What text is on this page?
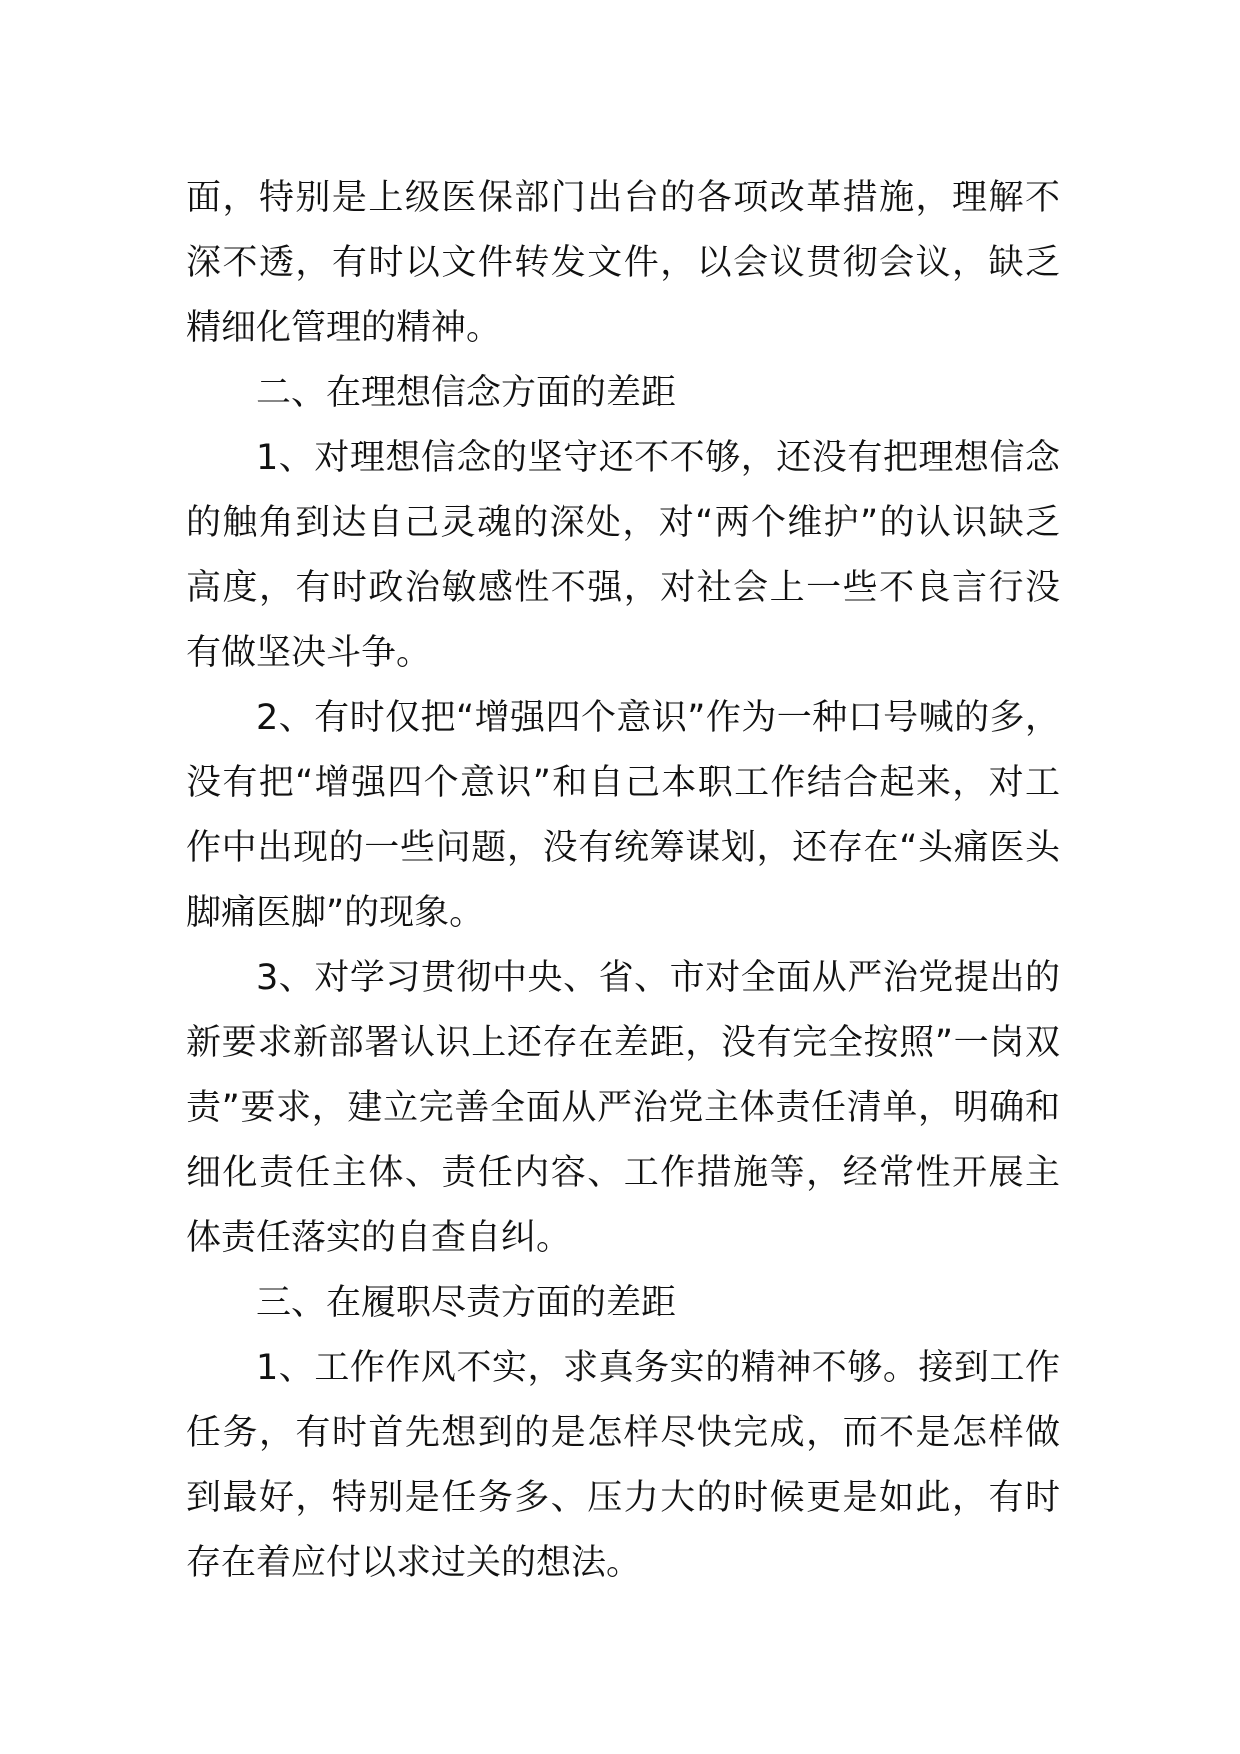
面，特别是上级医保部门出台的各项改革措施，理解不深不透，有时以文件转发文件，以会议贯彻会议，缺乏精细化管理的精神。

二、在理想信念方面的差距

1、对理想信念的坚守还不不够，还没有把理想信念的触角到达自己灵魂的深处，对“两个维护”的认识缺乏高度，有时政治敏感性不强，对社会上一些不良言行没有做坚决斗争。

2、有时仅把“增强四个意识”作为一种口号喊的多，没有把“增强四个意识”和自己本职工作结合起来，对工作中出现的一些问题，没有统筹谋划，还存在“头痛医头脚痛医脚”的现象。

3、对学习贯彻中央、省、市对全面从严治党提出的新要求新部署认识上还存在差距，没有完全按照”一岗双责”要求，建立完善全面从严治党主体责任清单，明确和细化责任主体、责任内容、工作措施等，经常性开展主体责任落实的自查自纠。

三、在履职尽责方面的差距

1、工作作风不实，求真务实的精神不够。接到工作任务，有时首先想到的是怎样尽快完成，而不是怎样做到最好，特别是任务多、压力大的时候更是如此，有时存在着应付以求过关的想法。
